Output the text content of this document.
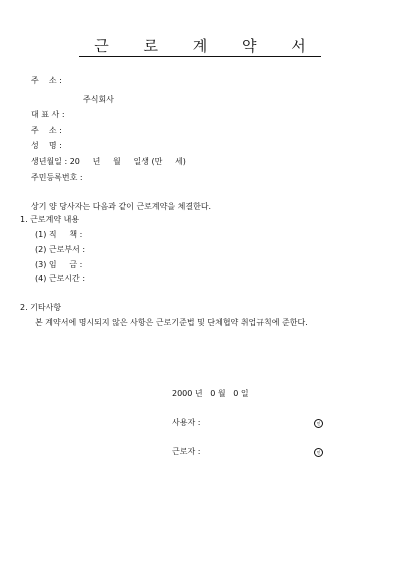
근 로 계 약 서
주    소 :
주식회사
대 표 사 :
주    소 :
성    명 :
생년월일 : 20     년     월     일생 (만     세)
주민등록번호 :
상기 양 당사자는 다음과 같이 근로계약을 체결한다.
1. 근로계약 내용
(1) 직     책 :
(2) 근로부서 :
(3) 임     금 :
(4) 근로시간 :
2. 기타사항
본 계약서에 명시되지 않은 사항은 근로기준법 및 단체협약 취업규칙에 준한다.
2000 년   0 월   0 일
사용자 :	인
근로자 :	인
